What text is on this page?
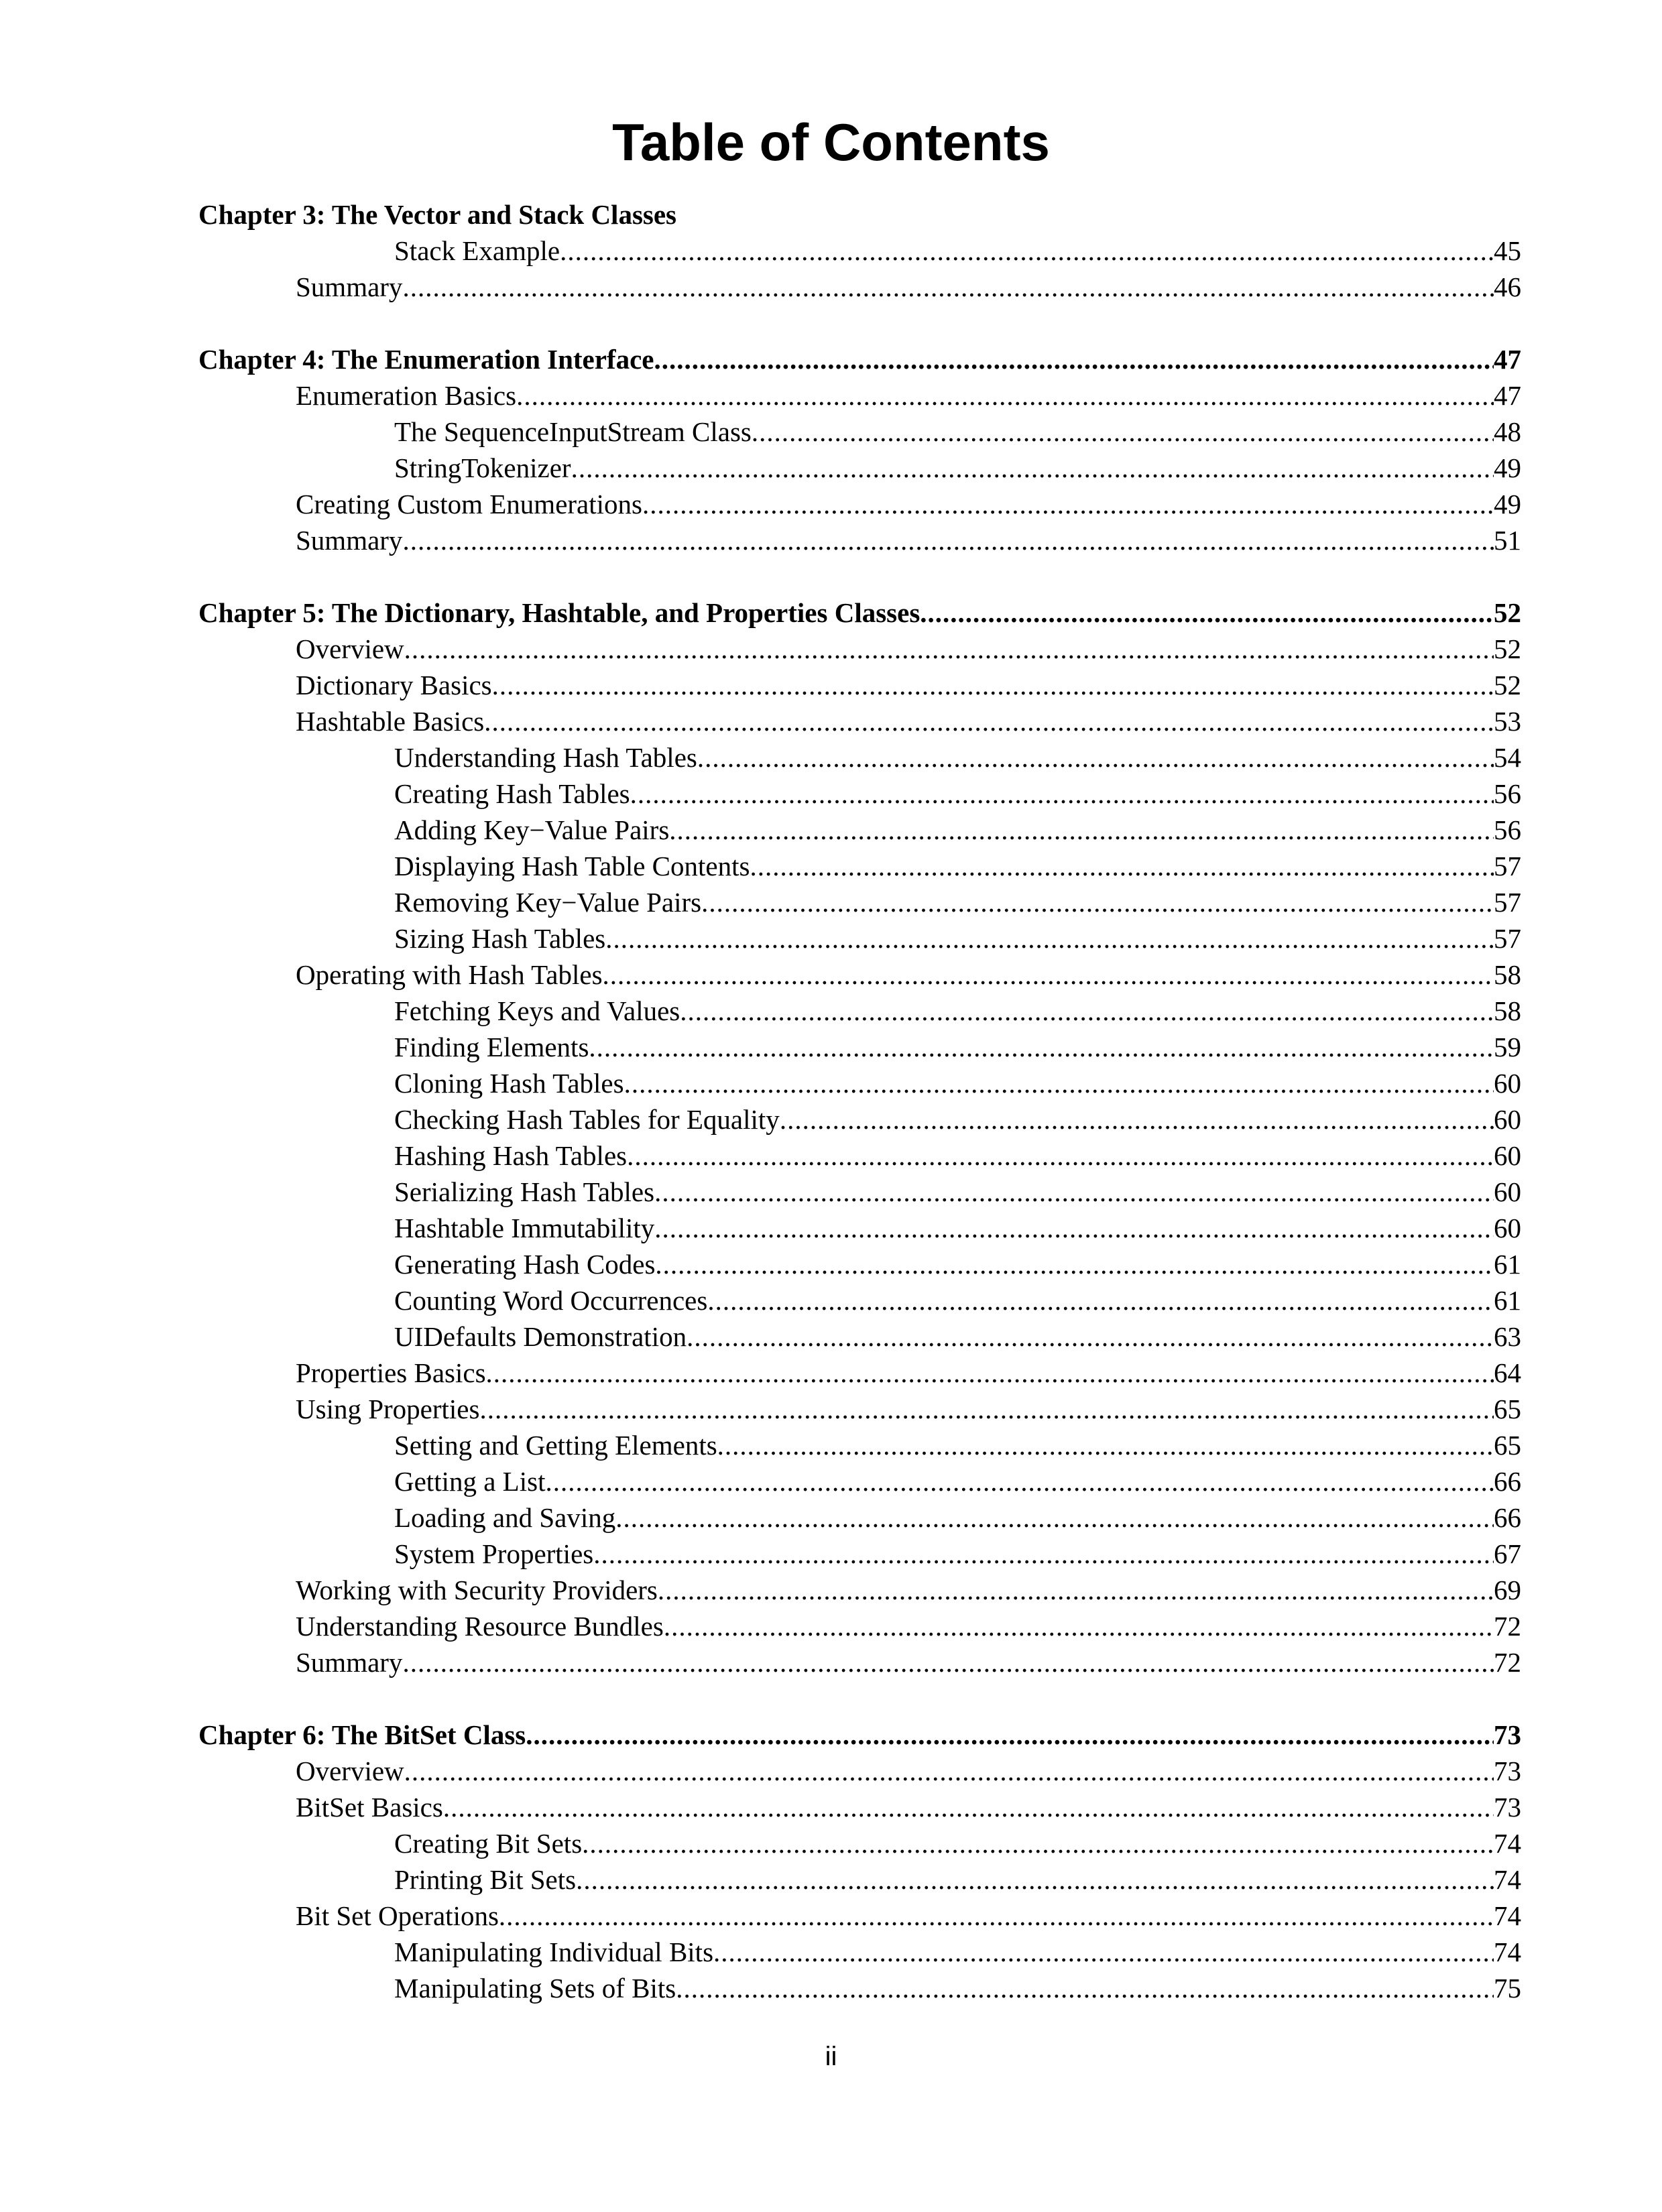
Table of Contents
Chapter 3: The Vector and Stack Classes
Stack Example .....	45
Summary .....	46
Chapter 4: The Enumeration Interface .....	47
Enumeration Basics .....	47
The SequenceInputStream Class .....	48
StringTokenizer .....	49
Creating Custom Enumerations .....	49
Summary .....	51
Chapter 5: The Dictionary, Hashtable, and Properties Classes .....	52
Overview .....	52
Dictionary Basics .....	52
Hashtable Basics .....	53
Understanding Hash Tables .....	54
Creating Hash Tables .....	56
Adding Key−Value Pairs .....	56
Displaying Hash Table Contents .....	57
Removing Key−Value Pairs .....	57
Sizing Hash Tables .....	57
Operating with Hash Tables .....	58
Fetching Keys and Values .....	58
Finding Elements .....	59
Cloning Hash Tables .....	60
Checking Hash Tables for Equality .....	60
Hashing Hash Tables .....	60
Serializing Hash Tables .....	60
Hashtable Immutability .....	60
Generating Hash Codes .....	61
Counting Word Occurrences .....	61
UIDefaults Demonstration .....	63
Properties Basics .....	64
Using Properties .....	65
Setting and Getting Elements .....	65
Getting a List .....	66
Loading and Saving .....	66
System Properties .....	67
Working with Security Providers .....	69
Understanding Resource Bundles .....	72
Summary .....	72
Chapter 6: The BitSet Class .....	73
Overview .....	73
BitSet Basics .....	73
Creating Bit Sets .....	74
Printing Bit Sets .....	74
Bit Set Operations .....	74
Manipulating Individual Bits .....	74
Manipulating Sets of Bits .....	75
ii
